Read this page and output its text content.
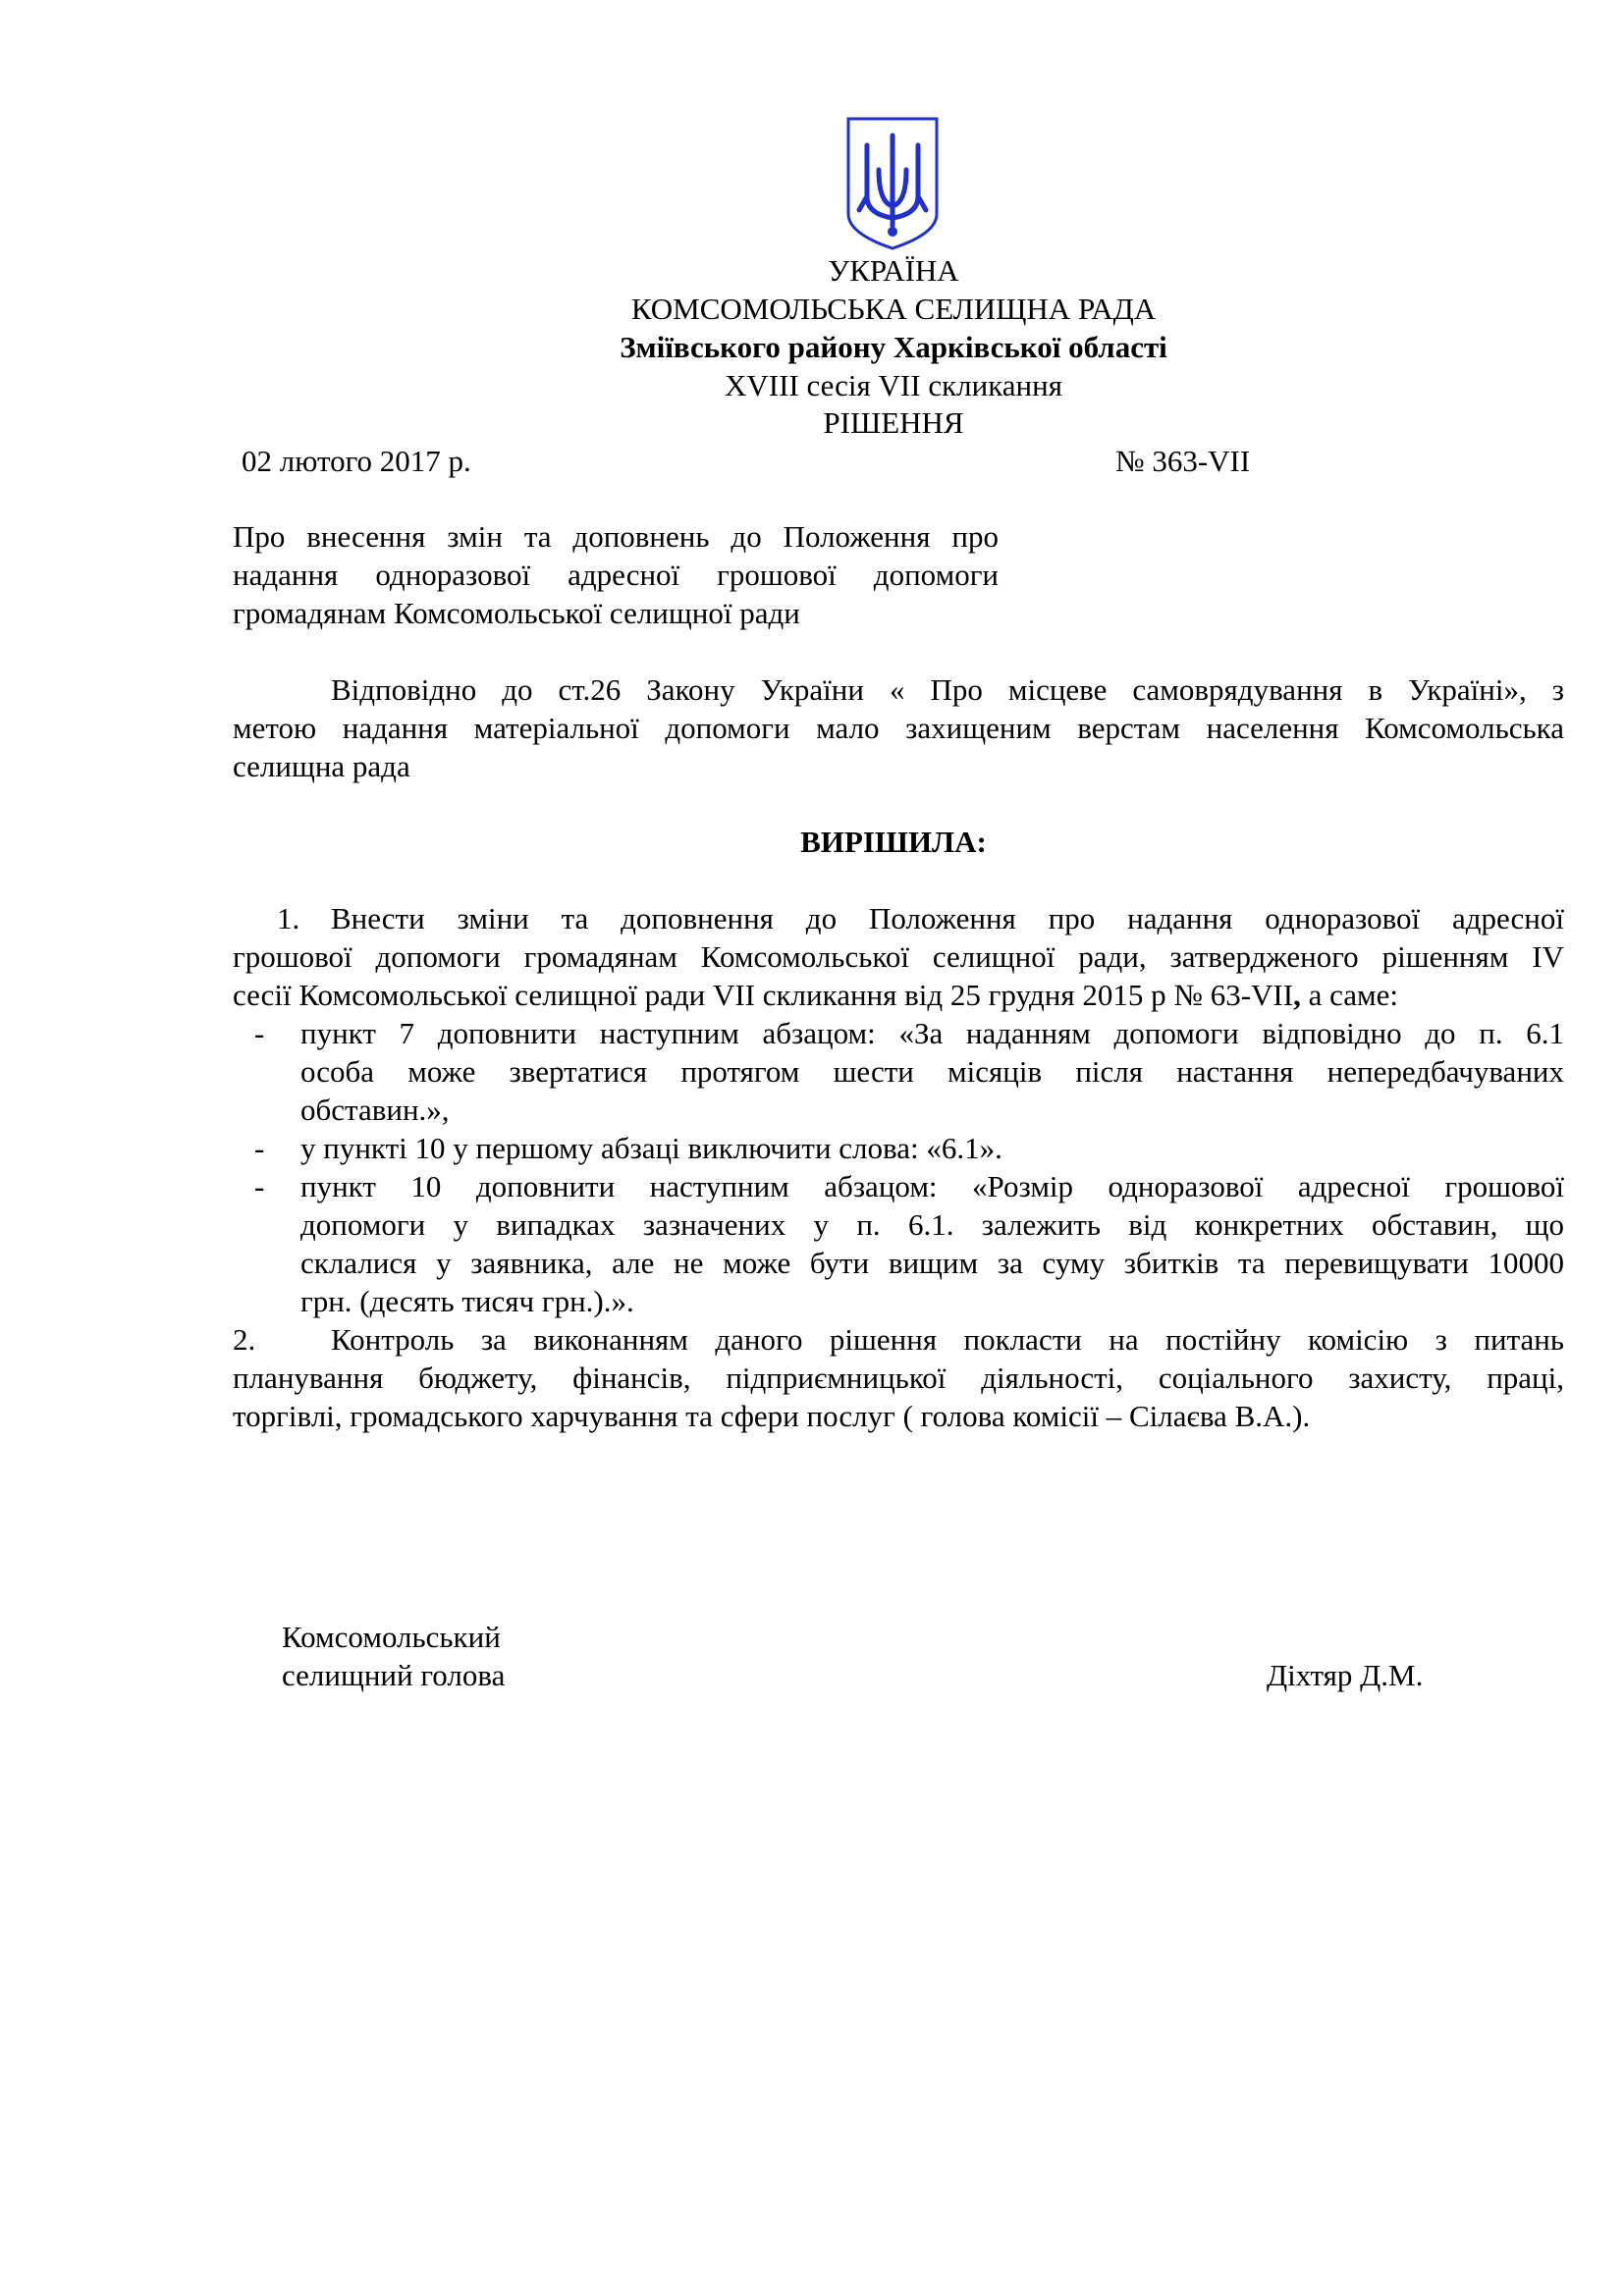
УКРАЇНА
КОМСОМОЛЬСЬКА СЕЛИЩНА РАДА
Зміївського району Харківської області
XVIII сесія VII скликання
РІШЕННЯ
02 лютого 2017 р.	№ 363-VII
Про внесення змін та доповнень до Положення про
надання одноразової адресної грошової допомоги
громадянам Комсомольської селищної ради
Відповідно до ст.26 Закону України « Про місцеве самоврядування в Україні», з
метою надання матеріальної допомоги мало захищеним верстам населення Комсомольська
селищна рада
ВИРІШИЛА:
1.	Внести зміни та доповнення до Положення про надання одноразової адресної
грошової допомоги громадянам Комсомольської селищної ради, затвердженого рішенням IV
сесії Комсомольської селищної ради VII скликання від 25 грудня 2015 р № 63-VII, а саме:
- пункт 7 доповнити наступним абзацом: «За наданням допомоги відповідно до п. 6.1
особа може звертатися протягом шести місяців після настання непередбачуваних
обставин.»,
- у пункті 10 у першому абзаці виключити слова: «6.1».
- пункт 10 доповнити наступним абзацом: «Розмір одноразової адресної грошової
допомоги у випадках зазначених у п. 6.1. залежить від конкретних обставин, що
склалися у заявника, але не може бути вищим за суму збитків та перевищувати 10000
грн. (десять тисяч грн.).».
2.	Контроль за виконанням даного рішення покласти на постійну комісію з питань
планування бюджету, фінансів, підприємницької діяльності, соціального захисту, праці,
торгівлі, громадського харчування та сфери послуг ( голова комісії – Сілаєва В.А.).
Комсомольський
селищний голова	Діхтяр Д.М.
